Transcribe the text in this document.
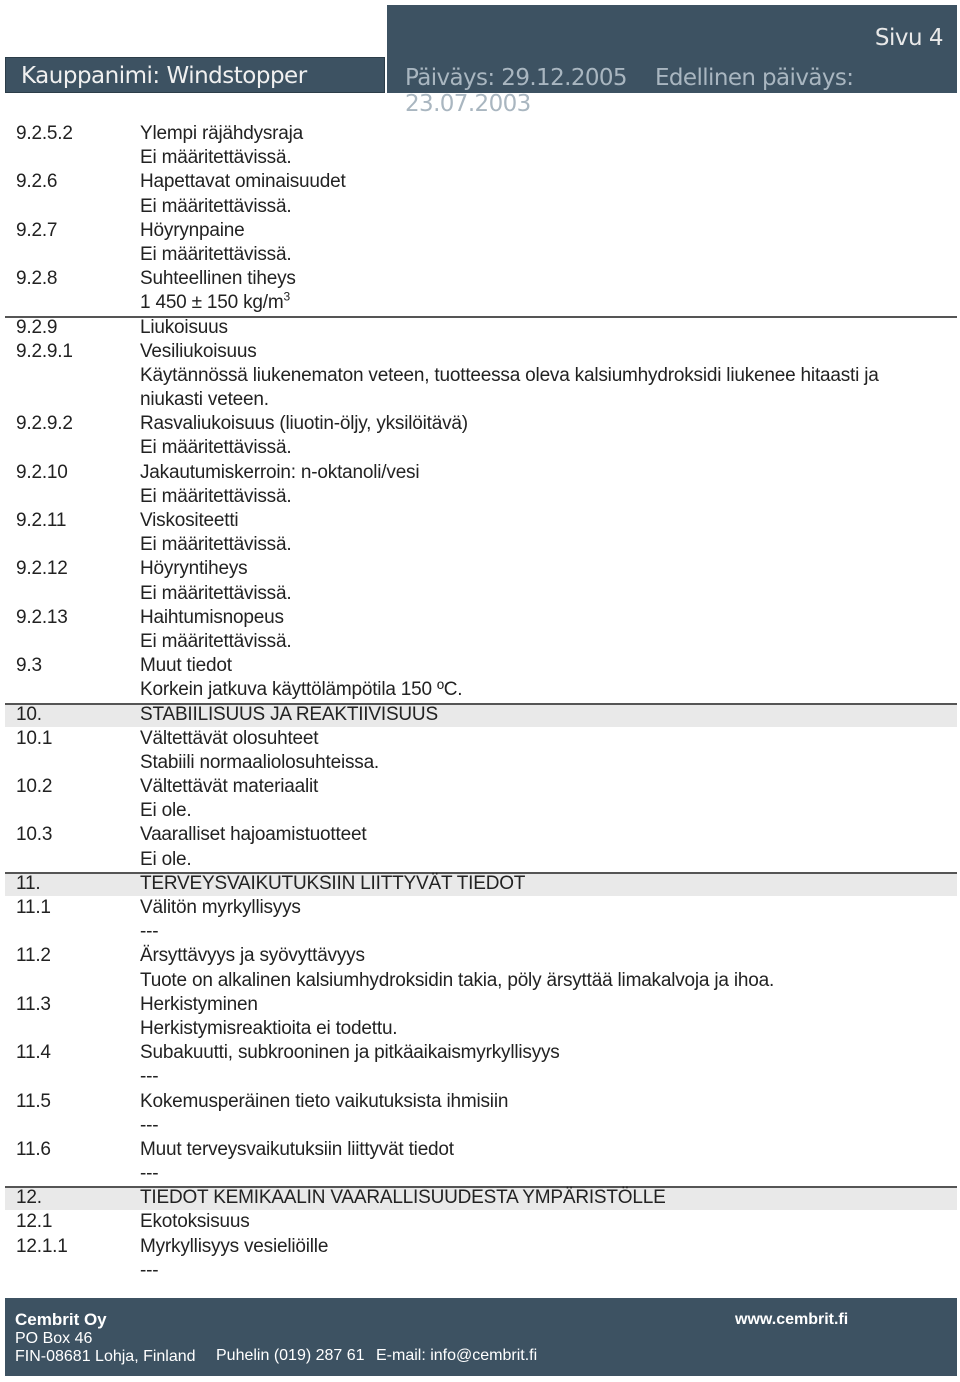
Kauppanimi: Windstopper
Sivu 4
Päiväys: 29.12.2005 Edellinen päiväys: 23.07.2003
9.2.5.2	Ylempi räjähdysraja
Ei määritettävissä.
9.2.6	Hapettavat ominaisuudet
Ei määritettävissä.
9.2.7	Höyrynpaine
Ei määritettävissä.
9.2.8	Suhteellinen tiheys
1 450 ± 150 $kg/m^3$
9.2.9	Liukoisuus
9.2.9.1	Vesiliukoisuus
Käytännössä liukenematon veteen, tuotteessa oleva kalsiumhydroksidi liukenee hitaasti ja
niukasti veteen.
9.2.9.2	Rasvaliukoisuus (liuotin-öljy, yksilöitävä)
Ei määritettävissä.
9.2.10	Jakautumiskerroin: n-oktanoli/vesi
Ei määritettävissä.
9.2.11	Viskositeetti
Ei määritettävissä.
9.2.12	Höyryntiheys
Ei määritettävissä.
9.2.13	Haihtumisnopeus
Ei määritettävissä.
9.3	Muut tiedot
Korkein jatkuva käyttölämpötila 150 ºC.
10.	STABIILISUUS JA REAKTIIVISUUS
10.1	Vältettävät olosuhteet
Stabiili normaaliolosuhteissa.
10.2	Vältettävät materiaalit
Ei ole.
10.3	Vaaralliset hajoamistuotteet
Ei ole.
11.	TERVEYSVAIKUTUKSIIN LIITTYVÄT TIEDOT
11.1	Välitön myrkyllisyys
---
11.2	Ärsyttävyys ja syövyttävyys
Tuote on alkalinen kalsiumhydroksidin takia, pöly ärsyttää limakalvoja ja ihoa.
11.3	Herkistyminen
Herkistymisreaktioita ei todettu.
11.4	Subakuutti, subkrooninen ja pitkäaikaismyrkyllisyys
---
11.5	Kokemusperäinen tieto vaikutuksista ihmisiin
---
11.6	Muut terveysvaikutuksiin liittyvät tiedot
---
12.	TIEDOT KEMIKAALIN VAARALLISUUDESTA YMPÄRISTÖLLE
12.1	Ekotoksisuus
12.1.1	Myrkyllisyys vesieliöille
---
Cembrit Oy	www.cembrit.fi
PO Box 46
FIN-08681 Lohja, Finland Puhelin (019) 287 61 E-mail: info@cembrit.fi
